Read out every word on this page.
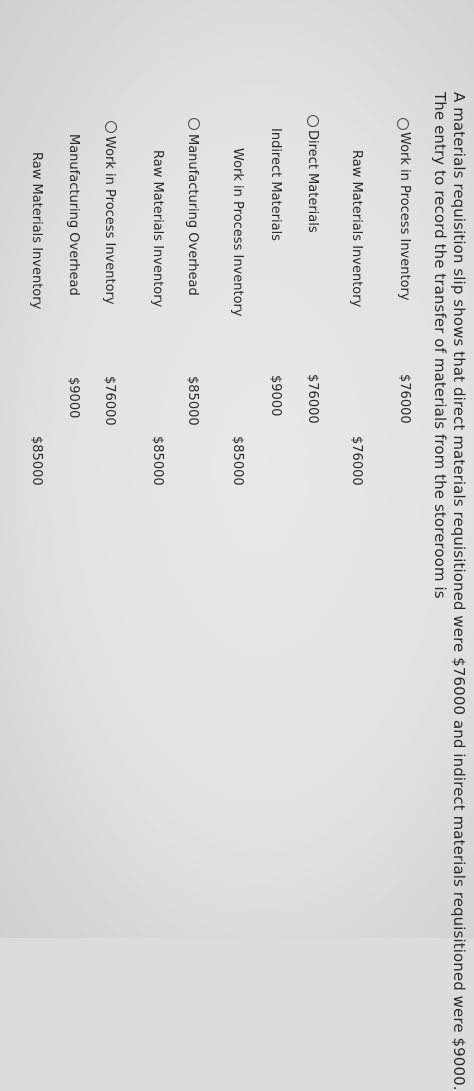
A materials requisition slip shows that direct materials requisitioned were $76000 and indirect materials requisitioned were $9000.
The entry to record the transfer of materials from the storeroom is
Work in Process Inventory
$76000
Raw Materials Inventory
$76000
Direct Materials
$76000
Indirect Materials
$9000
Work in Process Inventory
$85000
Manufacturing Overhead
$85000
Raw Materials Inventory
$85000
Work in Process Inventory
$76000
Manufacturing Overhead
$9000
Raw Materials Inventory
$85000
